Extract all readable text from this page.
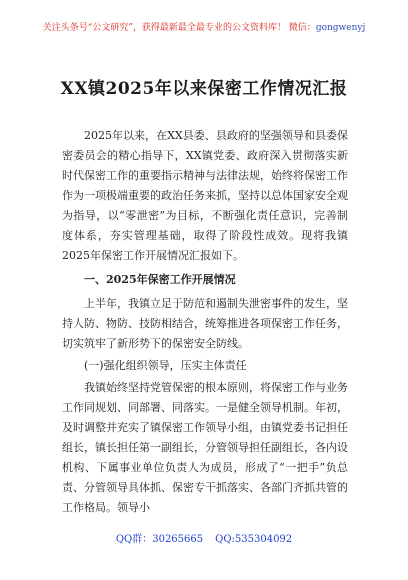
关注头条号“公文研究”，获得最新最全最专业的公文资料库！ 微信：gongwenyj
XX镇2025年以来保密工作情况汇报

2025年以来，在XX县委、县政府的坚强领导和县委保密委员会的精心指导下，XX镇党委、政府深入贯彻落实新时代保密工作的重要指示精神与法律法规，始终将保密工作作为一项极端重要的政治任务来抓，坚持以总体国家安全观为指导，以“零泄密”为目标，不断强化责任意识，完善制度体系，夯实管理基础，取得了阶段性成效。现将我镇2025年保密工作开展情况汇报如下。

一、2025年保密工作开展情况

上半年，我镇立足于防范和遏制失泄密事件的发生，坚持人防、物防、技防相结合，统筹推进各项保密工作任务，切实筑牢了新形势下的保密安全防线。

(一)强化组织领导，压实主体责任

我镇始终坚持党管保密的根本原则，将保密工作与业务工作同规划、同部署、同落实。一是健全领导机制。年初，及时调整并充实了镇保密工作领导小组，由镇党委书记担任组长，镇长担任第一副组长，分管领导担任副组长，各内设机构、下属事业单位负责人为成员，形成了“一把手”负总责、分管领导具体抓、保密专干抓落实、各部门齐抓共管的工作格局。领导小

QQ群：30265665 QQ:535304092
